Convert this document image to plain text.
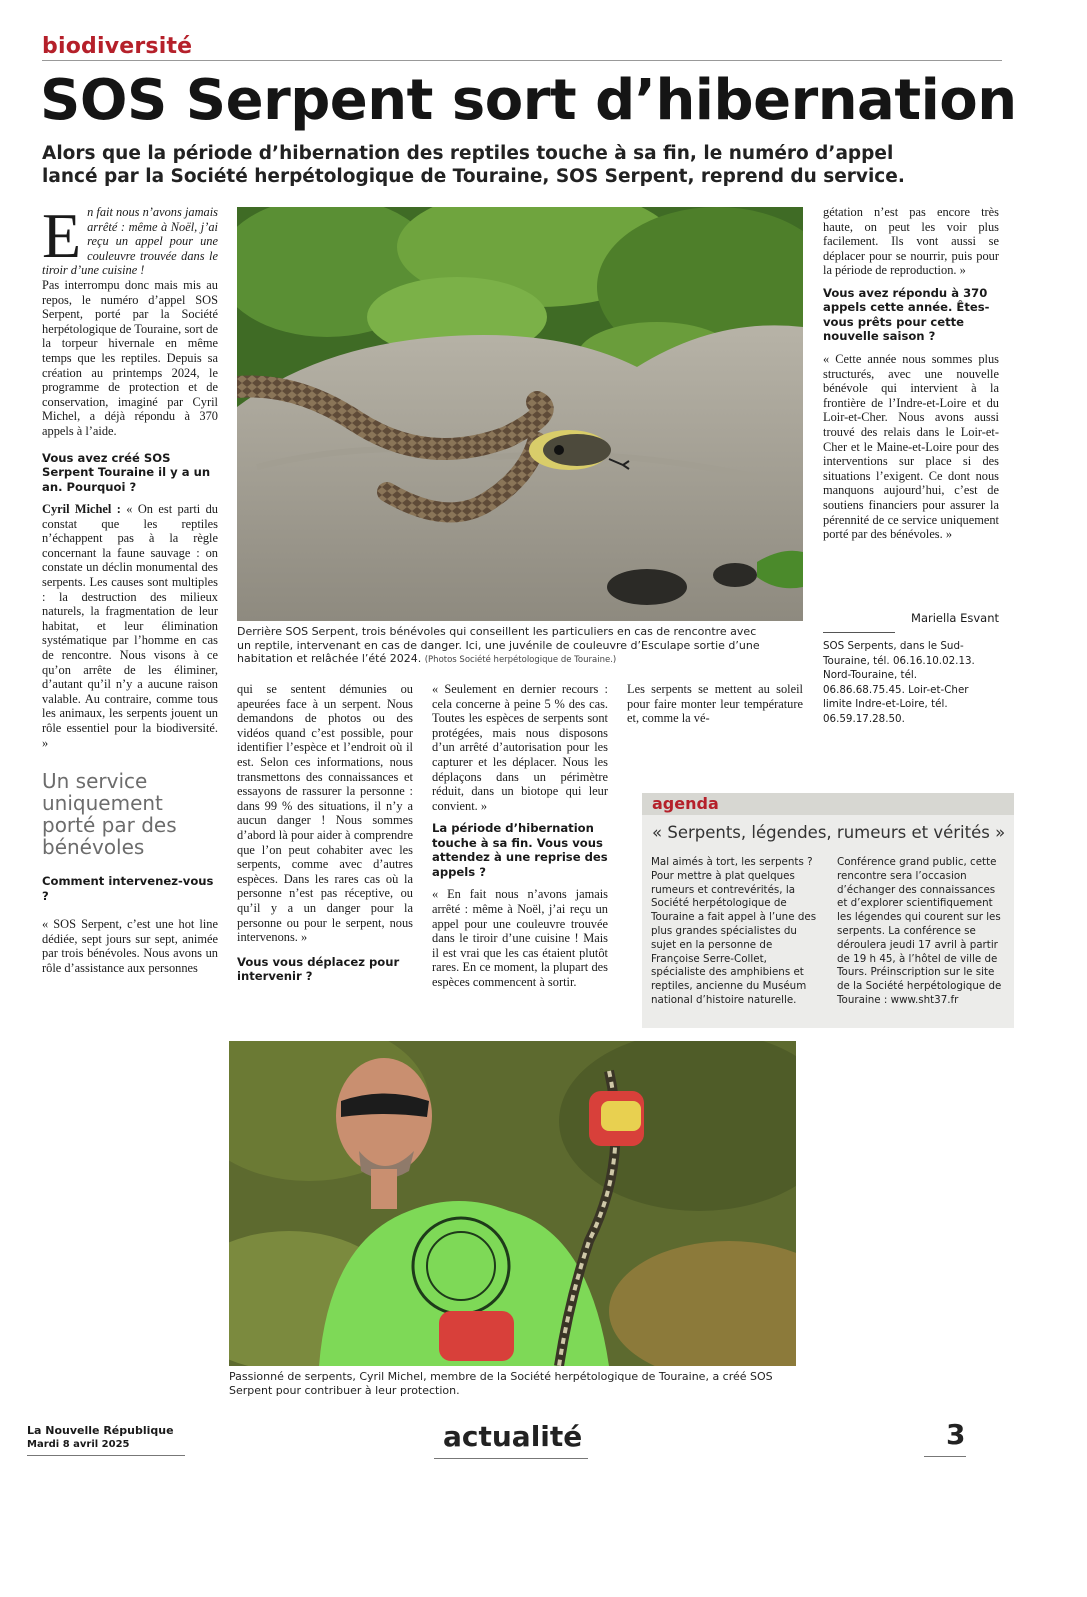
biodiversité
SOS Serpent sort d’hibernation
Alors que la période d’hibernation des reptiles touche à sa fin, le numéro d’appel lancé par la Société herpétologique de Touraine, SOS Serpent, reprend du service.

E n fait nous n’avons jamais arrêté : même à Noël, j’ai reçu un appel pour une couleuvre trouvée dans le tiroir d’une cuisine !

Pas interrompu donc mais mis au repos, le numéro d’appel SOS Serpent, porté par la Société herpétologique de Touraine, sort de la torpeur hivernale en même temps que les reptiles. Depuis sa création au printemps 2024, le programme de protection et de conservation, imaginé par Cyril Michel, a déjà répondu à 370 appels à l’aide.

Vous avez créé SOS Serpent Touraine il y a un an. Pourquoi ?

Cyril Michel : « On est parti du constat que les reptiles n’échappent pas à la règle concernant la faune sauvage : on constate un déclin monumental des serpents. Les causes sont multiples : la destruction des milieux naturels, la fragmentation de leur habitat, et leur élimination systématique par l’homme en cas de rencontre. Nous visons à ce qu’on arrête de les éliminer, d’autant qu’il n’y a aucune raison valable. Au contraire, comme tous les animaux, les serpents jouent un rôle essentiel pour la biodiversité. »

Un service uniquement porté par des bénévoles

Comment intervenez-vous ?

« SOS Serpent, c’est une hot line dédiée, sept jours sur sept, animée par trois bénévoles. Nous avons un rôle d’assistance aux personnes

Derrière SOS Serpent, trois bénévoles qui conseillent les particuliers en cas de rencontre avec un reptile, intervenant en cas de danger. Ici, une juvénile de couleuvre d’Esculape sortie d’une habitation et relâchée l’été 2024. (Photos Société herpétologique de Touraine.)

qui se sentent démunies ou apeurées face à un serpent. Nous demandons de photos ou des vidéos quand c’est possible, pour identifier l’espèce et l’endroit où il est. Selon ces informations, nous transmettons des connaissances et essayons de rassurer la personne : dans 99 % des situations, il n’y a aucun danger ! Nous sommes d’abord là pour aider à comprendre que l’on peut cohabiter avec les serpents, comme avec d’autres espèces. Dans les rares cas où la personne n’est pas réceptive, ou qu’il y a un danger pour la personne ou pour le serpent, nous intervenons. »

Vous vous déplacez pour intervenir ?

« Seulement en dernier recours : cela concerne à peine 5 % des cas. Toutes les espèces de serpents sont protégées, mais nous disposons d’un arrêté d’autorisation pour les capturer et les déplacer. Nous les déplaçons dans un périmètre réduit, dans un biotope qui leur convient. »

La période d’hibernation touche à sa fin. Vous vous attendez à une reprise des appels ?

« En fait nous n’avons jamais arrêté : même à Noël, j’ai reçu un appel pour une couleuvre trouvée dans le tiroir d’une cuisine ! Mais il est vrai que les cas étaient plutôt rares. En ce moment, la plupart des espèces commencent à sortir.

Les serpents se mettent au soleil pour faire monter leur température et, comme la vé-

gétation n’est pas encore très haute, on peut les voir plus facilement. Ils vont aussi se déplacer pour se nourrir, puis pour la période de reproduction. »

Vous avez répondu à 370 appels cette année. Êtes-vous prêts pour cette nouvelle saison ?

« Cette année nous sommes plus structurés, avec une nouvelle bénévole qui intervient à la frontière de l’Indre-et-Loire et du Loir-et-Cher. Nous avons aussi trouvé des relais dans le Loir-et-Cher et le Maine-et-Loire pour des interventions sur place si des situations l’exigent. Ce dont nous manquons aujourd’hui, c’est de soutiens financiers pour assurer la pérennité de ce service uniquement porté par des bénévoles. »

Mariella Esvant
SOS Serpents, dans le Sud-Touraine, tél. 06.16.10.02.13. Nord-Touraine, tél. 06.86.68.75.45. Loir-et-Cher limite Indre-et-Loire, tél. 06.59.17.28.50.
agenda
« Serpents, légendes, rumeurs et vérités »
Mal aimés à tort, les serpents ? Pour mettre à plat quelques rumeurs et contrevérités, la Société herpétologique de Touraine a fait appel à l’une des plus grandes spécialistes du sujet en la personne de Françoise Serre-Collet, spécialiste des amphibiens et reptiles, ancienne du Muséum national d’histoire naturelle.
Conférence grand public, cette rencontre sera l’occasion d’échanger des connaissances et d’explorer scientifiquement les légendes qui courent sur les serpents. La conférence se déroulera jeudi 17 avril à partir de 19 h 45, à l’hôtel de ville de Tours. Préinscription sur le site de la Société herpétologique de Touraine : www.sht37.fr
Passionné de serpents, Cyril Michel, membre de la Société herpétologique de Touraine, a créé SOS Serpent pour contribuer à leur protection.
La Nouvelle République
Mardi 8 avril 2025	actualité	3
